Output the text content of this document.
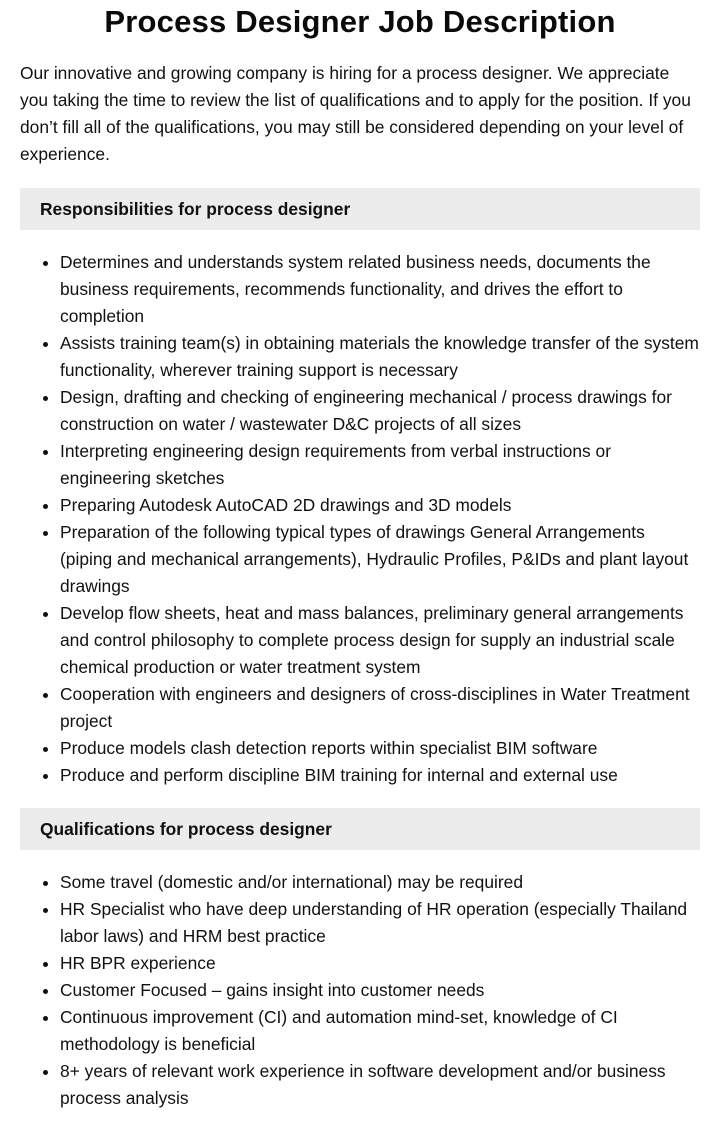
Process Designer Job Description

Our innovative and growing company is hiring for a process designer. We appreciate you taking the time to review the list of qualifications and to apply for the position. If you don’t fill all of the qualifications, you may still be considered depending on your level of experience.

Responsibilities for process designer
• Determines and understands system related business needs, documents the business requirements, recommends functionality, and drives the effort to completion
• Assists training team(s) in obtaining materials the knowledge transfer of the system functionality, wherever training support is necessary
• Design, drafting and checking of engineering mechanical / process drawings for construction on water / wastewater D&C projects of all sizes
• Interpreting engineering design requirements from verbal instructions or engineering sketches
• Preparing Autodesk AutoCAD 2D drawings and 3D models
• Preparation of the following typical types of drawings General Arrangements (piping and mechanical arrangements), Hydraulic Profiles, P&IDs and plant layout drawings
• Develop flow sheets, heat and mass balances, preliminary general arrangements and control philosophy to complete process design for supply an industrial scale chemical production or water treatment system
• Cooperation with engineers and designers of cross-disciplines in Water Treatment project
• Produce models clash detection reports within specialist BIM software
• Produce and perform discipline BIM training for internal and external use
Qualifications for process designer
• Some travel (domestic and/or international) may be required
• HR Specialist who have deep understanding of HR operation (especially Thailand labor laws) and HRM best practice
• HR BPR experience
• Customer Focused – gains insight into customer needs
• Continuous improvement (CI) and automation mind-set, knowledge of CI methodology is beneficial
• 8+ years of relevant work experience in software development and/or business process analysis
